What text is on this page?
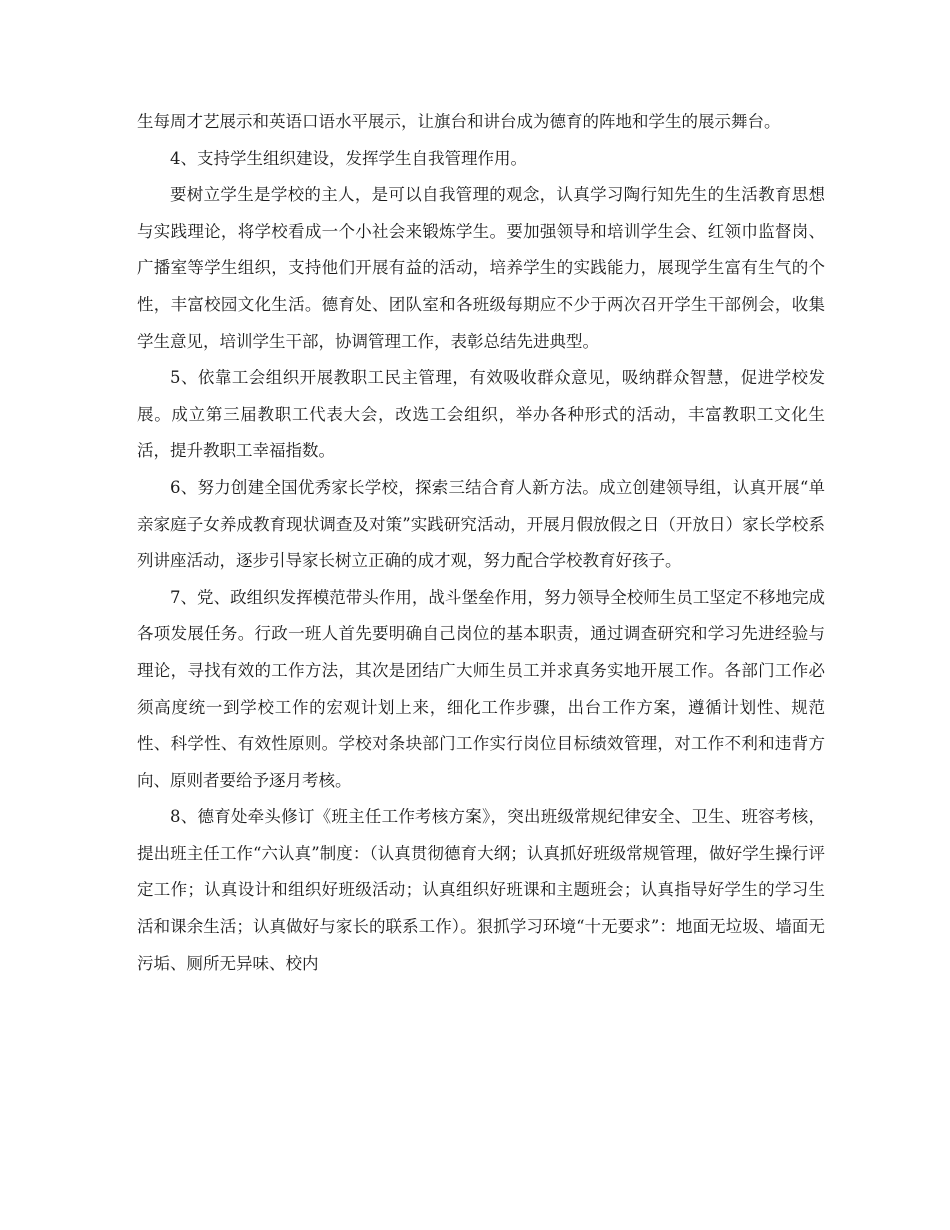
生每周才艺展示和英语口语水平展示，让旗台和讲台成为德育的阵地和学生的展示舞台。

4、支持学生组织建设，发挥学生自我管理作用。

要树立学生是学校的主人，是可以自我管理的观念，认真学习陶行知先生的生活教育思想与实践理论，将学校看成一个小社会来锻炼学生。要加强领导和培训学生会、红领巾监督岗、广播室等学生组织，支持他们开展有益的活动，培养学生的实践能力，展现学生富有生气的个性，丰富校园文化生活。德育处、团队室和各班级每期应不少于两次召开学生干部例会，收集学生意见，培训学生干部，协调管理工作，表彰总结先进典型。

5、依靠工会组织开展教职工民主管理，有效吸收群众意见，吸纳群众智慧，促进学校发展。成立第三届教职工代表大会，改选工会组织，举办各种形式的活动，丰富教职工文化生活，提升教职工幸福指数。

6、努力创建全国优秀家长学校，探索三结合育人新方法。成立创建领导组，认真开展“单亲家庭子女养成教育现状调查及对策”实践研究活动，开展月假放假之日（开放日）家长学校系列讲座活动，逐步引导家长树立正确的成才观，努力配合学校教育好孩子。

7、党、政组织发挥模范带头作用，战斗堡垒作用，努力领导全校师生员工坚定不移地完成各项发展任务。行政一班人首先要明确自己岗位的基本职责，通过调查研究和学习先进经验与理论，寻找有效的工作方法，其次是团结广大师生员工并求真务实地开展工作。各部门工作必须高度统一到学校工作的宏观计划上来，细化工作步骤，出台工作方案，遵循计划性、规范性、科学性、有效性原则。学校对条块部门工作实行岗位目标绩效管理，对工作不利和违背方向、原则者要给予逐月考核。

8、德育处牵头修订《班主任工作考核方案》，突出班级常规纪律安全、卫生、班容考核，提出班主任工作“六认真”制度：（认真贯彻德育大纲；认真抓好班级常规管理，做好学生操行评定工作；认真设计和组织好班级活动；认真组织好班课和主题班会；认真指导好学生的学习生活和课余生活；认真做好与家长的联系工作）。狠抓学习环境“十无要求”：地面无垃圾、墙面无污垢、厕所无异味、校内
